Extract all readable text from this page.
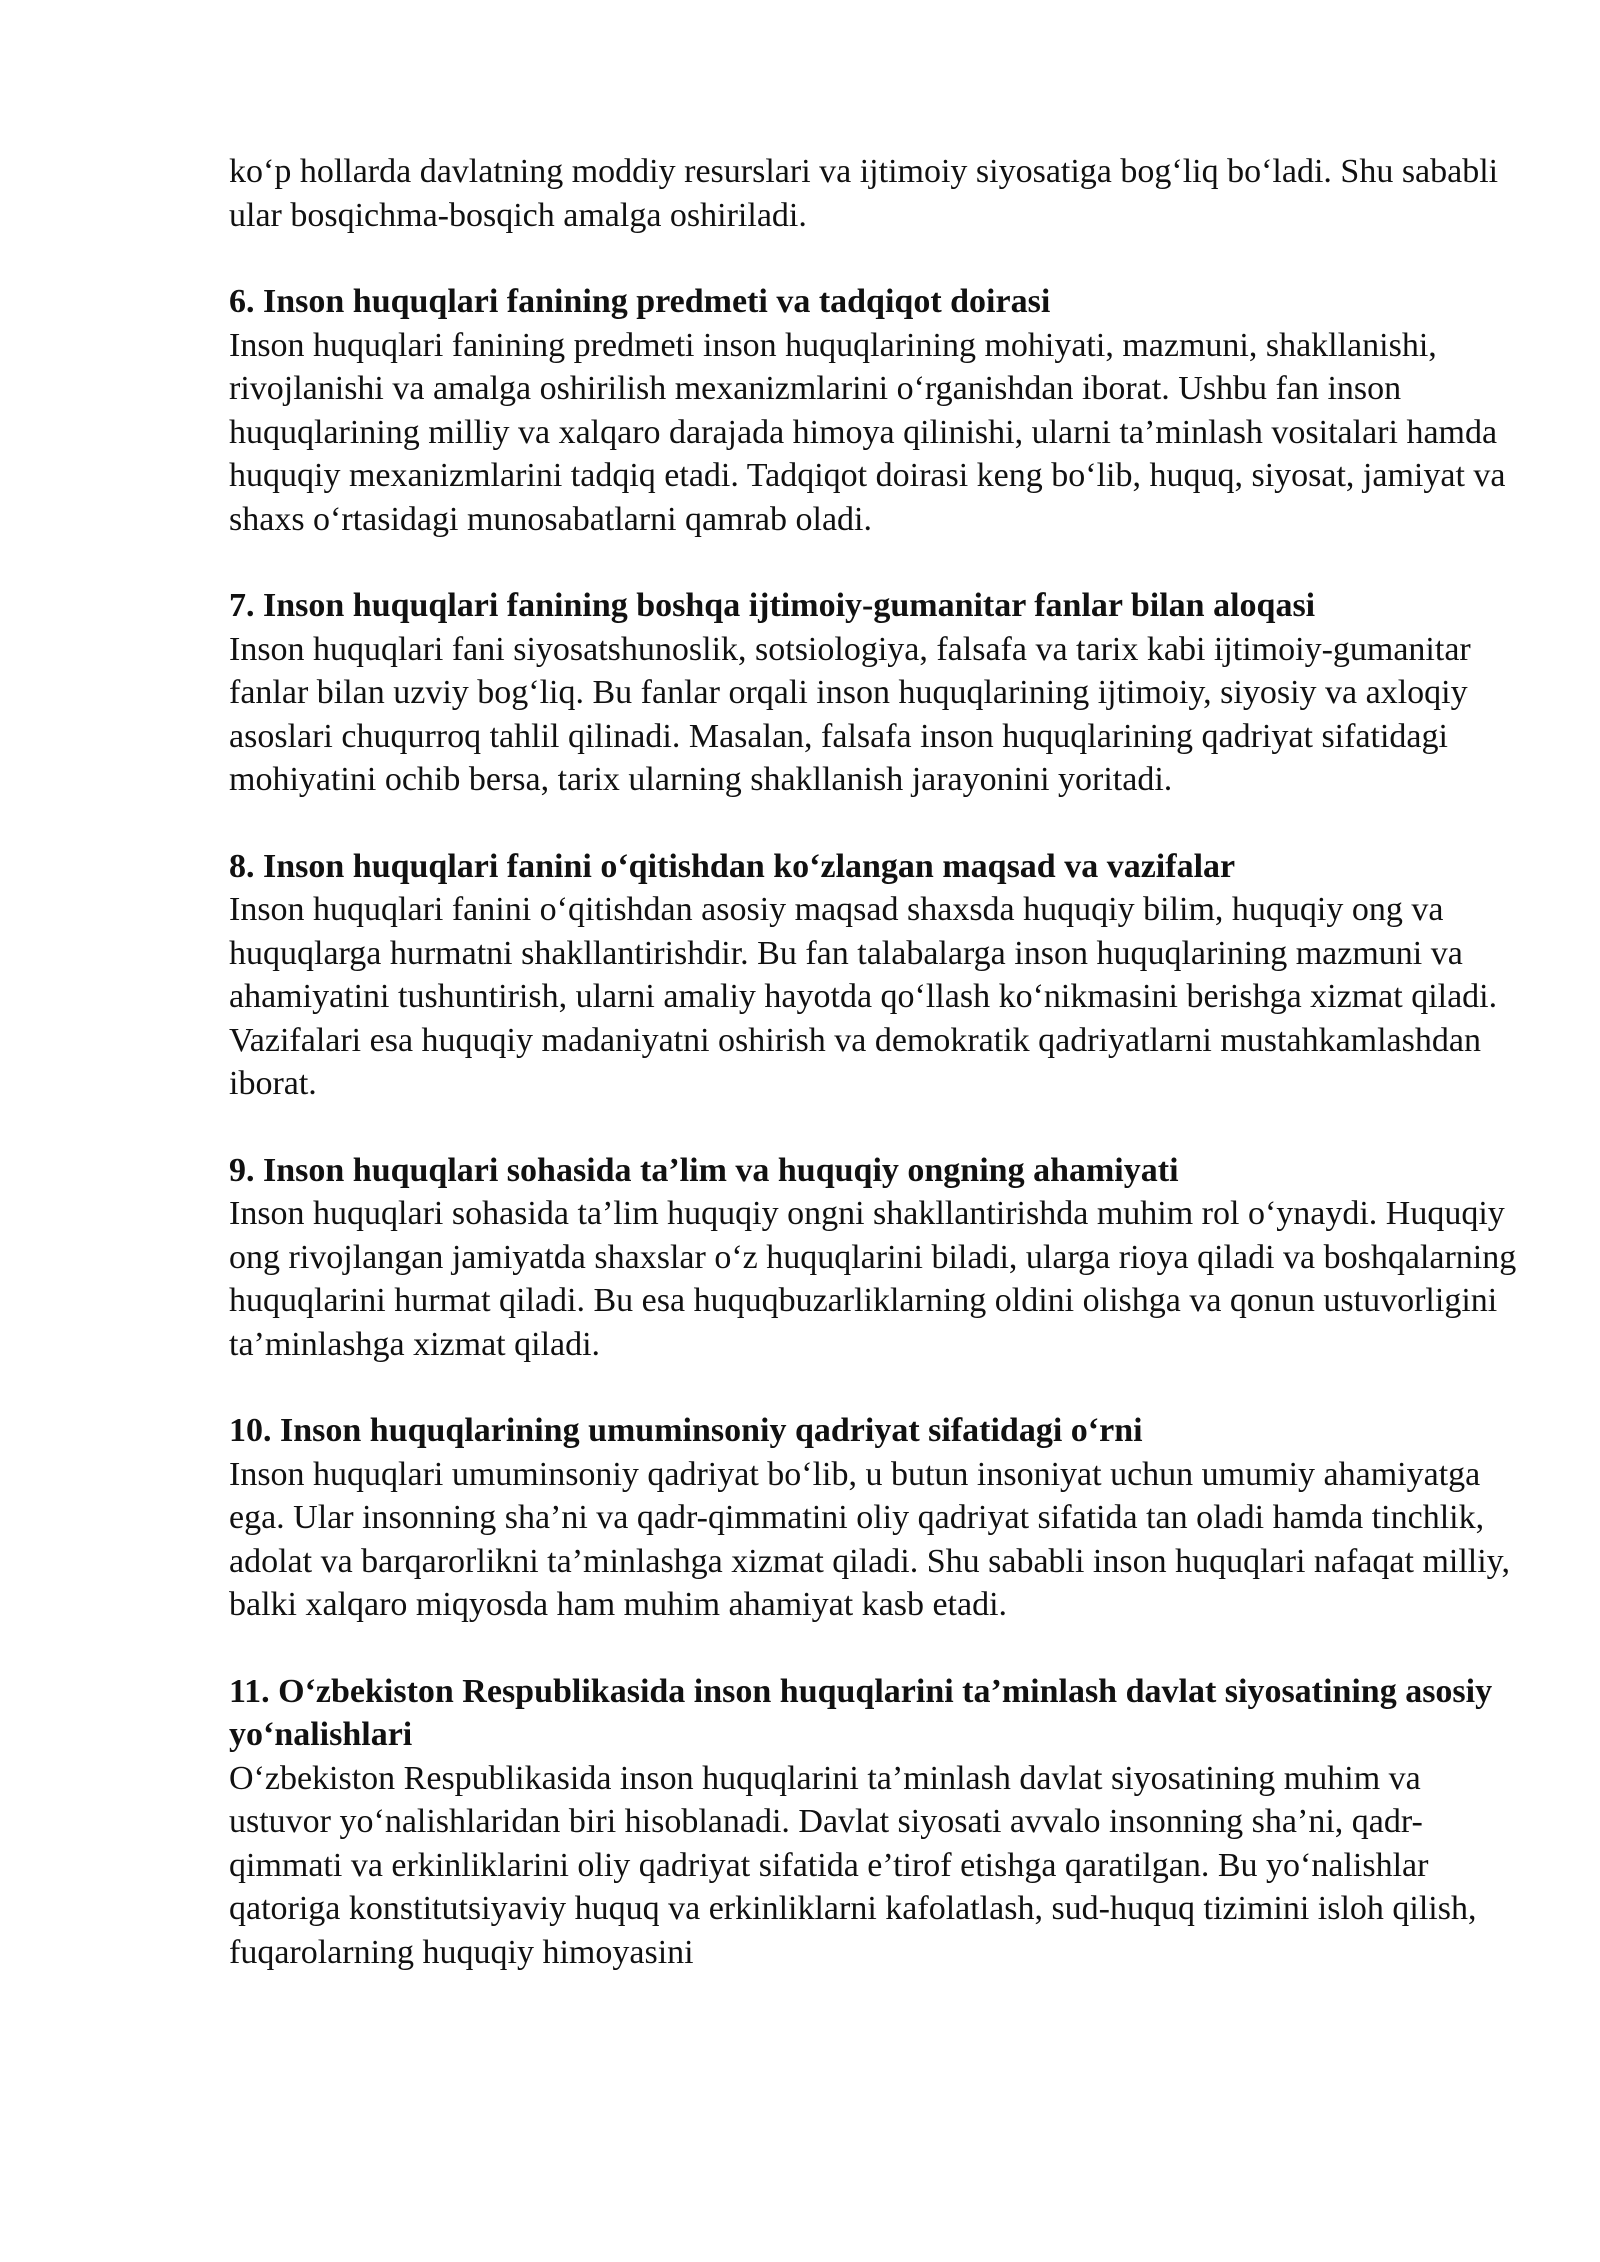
ko‘p hollarda davlatning moddiy resurslari va ijtimoiy siyosatiga bog‘liq bo‘ladi. Shu sababli ular bosqichma-bosqich amalga oshiriladi.

6. Inson huquqlari fanining predmeti va tadqiqot doirasi

Inson huquqlari fanining predmeti inson huquqlarining mohiyati, mazmuni, shakllanishi, rivojlanishi va amalga oshirilish mexanizmlarini o‘rganishdan iborat. Ushbu fan inson huquqlarining milliy va xalqaro darajada himoya qilinishi, ularni ta’minlash vositalari hamda huquqiy mexanizmlarini tadqiq etadi. Tadqiqot doirasi keng bo‘lib, huquq, siyosat, jamiyat va shaxs o‘rtasidagi munosabatlarni qamrab oladi.

7. Inson huquqlari fanining boshqa ijtimoiy-gumanitar fanlar bilan aloqasi

Inson huquqlari fani siyosatshunoslik, sotsiologiya, falsafa va tarix kabi ijtimoiy-gumanitar fanlar bilan uzviy bog‘liq. Bu fanlar orqali inson huquqlarining ijtimoiy, siyosiy va axloqiy asoslari chuqurroq tahlil qilinadi. Masalan, falsafa inson huquqlarining qadriyat sifatidagi mohiyatini ochib bersa, tarix ularning shakllanish jarayonini yoritadi.

8. Inson huquqlari fanini o‘qitishdan ko‘zlangan maqsad va vazifalar

Inson huquqlari fanini o‘qitishdan asosiy maqsad shaxsda huquqiy bilim, huquqiy ong va huquqlarga hurmatni shakllantirishdir. Bu fan talabalarga inson huquqlarining mazmuni va ahamiyatini tushuntirish, ularni amaliy hayotda qo‘llash ko‘nikmasini berishga xizmat qiladi. Vazifalari esa huquqiy madaniyatni oshirish va demokratik qadriyatlarni mustahkamlashdan iborat.

9. Inson huquqlari sohasida ta’lim va huquqiy ongning ahamiyati

Inson huquqlari sohasida ta’lim huquqiy ongni shakllantirishda muhim rol o‘ynaydi. Huquqiy ong rivojlangan jamiyatda shaxslar o‘z huquqlarini biladi, ularga rioya qiladi va boshqalarning huquqlarini hurmat qiladi. Bu esa huquqbuzarliklarning oldini olishga va qonun ustuvorligini ta’minlashga xizmat qiladi.

10. Inson huquqlarining umuminsoniy qadriyat sifatidagi o‘rni

Inson huquqlari umuminsoniy qadriyat bo‘lib, u butun insoniyat uchun umumiy ahamiyatga ega. Ular insonning sha’ni va qadr-qimmatini oliy qadriyat sifatida tan oladi hamda tinchlik, adolat va barqarorlikni ta’minlashga xizmat qiladi. Shu sababli inson huquqlari nafaqat milliy, balki xalqaro miqyosda ham muhim ahamiyat kasb etadi.

11. O‘zbekiston Respublikasida inson huquqlarini ta’minlash davlat siyosatining asosiy yo‘nalishlari

O‘zbekiston Respublikasida inson huquqlarini ta’minlash davlat siyosatining muhim va ustuvor yo‘nalishlaridan biri hisoblanadi. Davlat siyosati avvalo insonning sha’ni, qadr-qimmati va erkinliklarini oliy qadriyat sifatida e’tirof etishga qaratilgan. Bu yo‘nalishlar qatoriga konstitutsiyaviy huquq va erkinliklarni kafolatlash, sud-huquq tizimini isloh qilish, fuqarolarning huquqiy himoyasini
